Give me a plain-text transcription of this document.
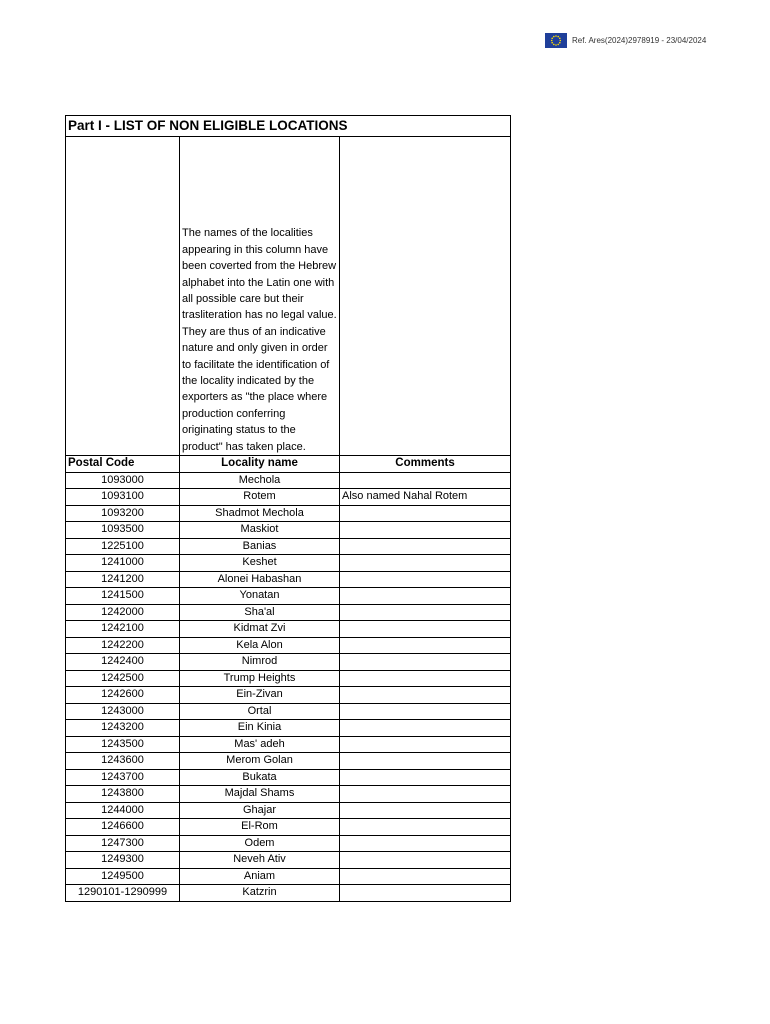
Ref. Ares(2024)2978919 - 23/04/2024
Part I - LIST OF NON ELIGIBLE LOCATIONS		
	The names of the localities appearing in this column have been coverted from the Hebrew alphabet into the Latin one with all possible care but their trasliteration has no legal value. They are thus of an indicative nature and only given in order to facilitate the identification of the locality indicated by the exporters as "the place where production conferring originating status to the product" has taken place.	
Postal Code	Locality name	Comments
1093000	Mechola	
1093100	Rotem	Also named Nahal Rotem
1093200	Shadmot Mechola	
1093500	Maskiot	
1225100	Banias	
1241000	Keshet	
1241200	Alonei Habashan	
1241500	Yonatan	
1242000	Sha'al	
1242100	Kidmat Zvi	
1242200	Kela Alon	
1242400	Nimrod	
1242500	Trump Heights	
1242600	Ein-Zivan	
1243000	Ortal	
1243200	Ein Kinia	
1243500	Mas' adeh	
1243600	Merom Golan	
1243700	Bukata	
1243800	Majdal Shams	
1244000	Ghajar	
1246600	El-Rom	
1247300	Odem	
1249300	Neveh Ativ	
1249500	Aniam	
1290101-1290999	Katzrin	
